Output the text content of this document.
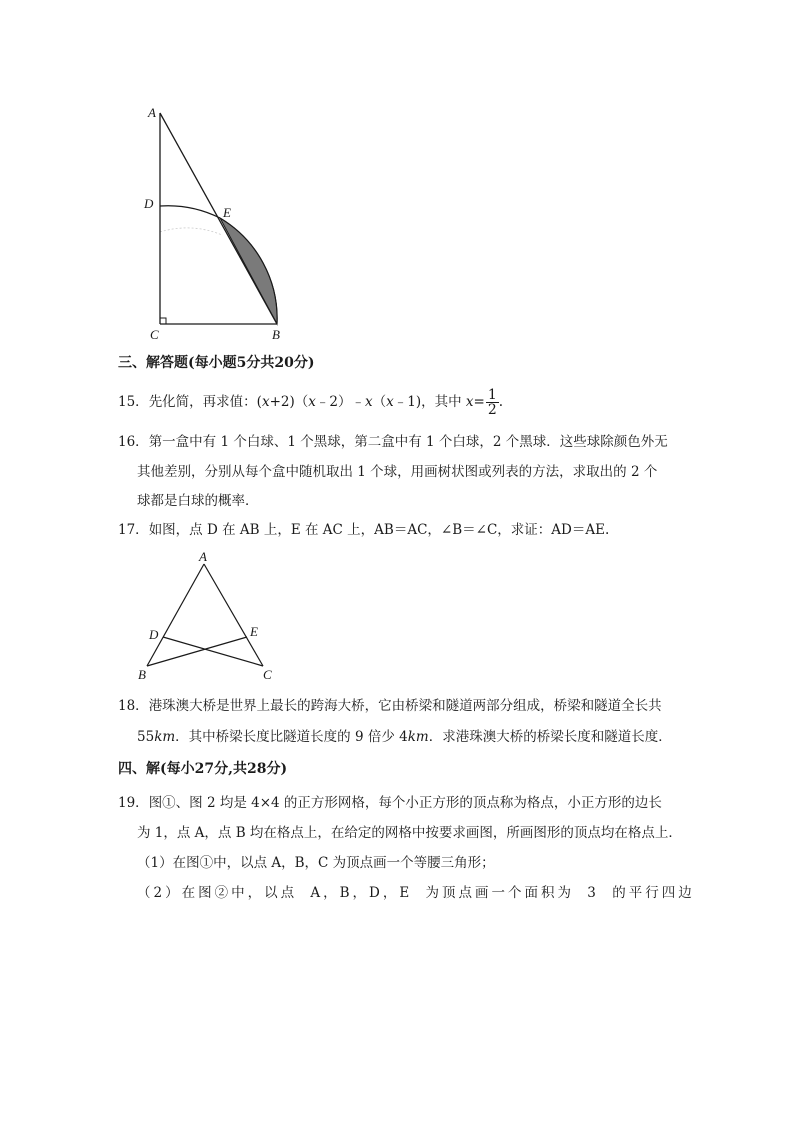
A
D
E
C	B
三、解答题(每小题5分共20分)
15．先化简，再求值：(x+2)（x﹣2）﹣x（x﹣1)，其中 $x= \frac{1}{2}$ .
16．第一盒中有 1 个白球、1 个黑球，第二盒中有 1 个白球，2 个黑球．这些球除颜色外无
其他差别，分别从每个盒中随机取出 1 个球，用画树状图或列表的方法，求取出的 2 个
球都是白球的概率．
17．如图，点 D 在 AB 上，E 在 AC 上，AB＝AC，∠B＝∠C，求证：AD＝AE.
A
D	E
B	C
18．港珠澳大桥是世界上最长的跨海大桥，它由桥梁和隧道两部分组成，桥梁和隧道全长共
55km．其中桥梁长度比隧道长度的 9 倍少 4km．求港珠澳大桥的桥梁长度和隧道长度．
四、解(每小27分,共28分)
19．图①、图 2 均是 4×4 的正方形网格，每个小正方形的顶点称为格点，小正方形的边长
为 1，点 A，点 B 均在格点上，在给定的网格中按要求画图，所画图形的顶点均在格点上．
（1）在图①中，以点 A，B，C 为顶点画一个等腰三角形；
（2）在图②中，以点 A，B，D，E 为顶点画一个面积为 3 的平行四边
